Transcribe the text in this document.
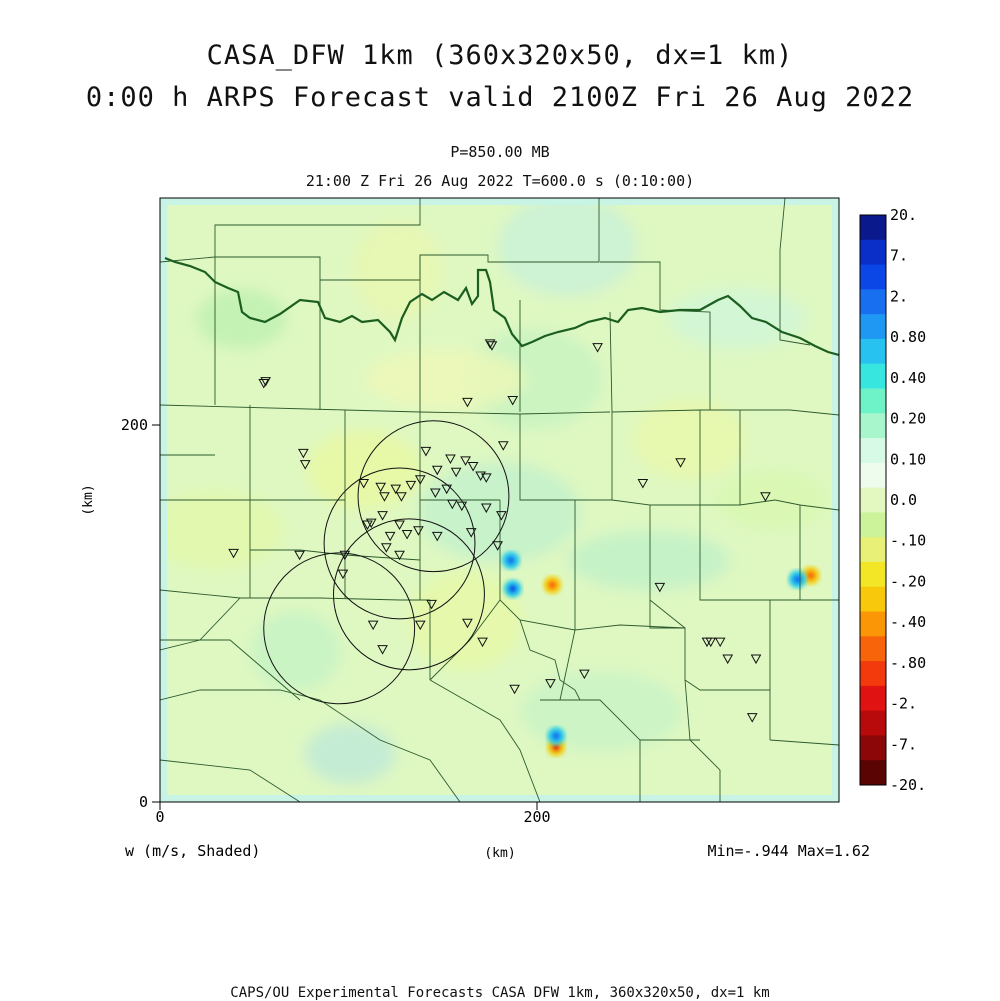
CASA_DFW 1km (360x320x50, dx=1 km)
0:00 h ARPS Forecast valid 2100Z Fri 26 Aug 2022
P=850.00 MB
21:00 Z Fri 26 Aug 2022 T=600.0 s (0:10:00)
0	200
0
200
(km)
(km)
w (m/s, Shaded)	Min=-.944 Max=1.62
20.
7.
2.
0.80
0.40
0.20
0.10
0.0
-.10
-.20
-.40
-.80
-2.
-7.
-20.
CAPS/OU Experimental Forecasts CASA DFW 1km, 360x320x50, dx=1 km
